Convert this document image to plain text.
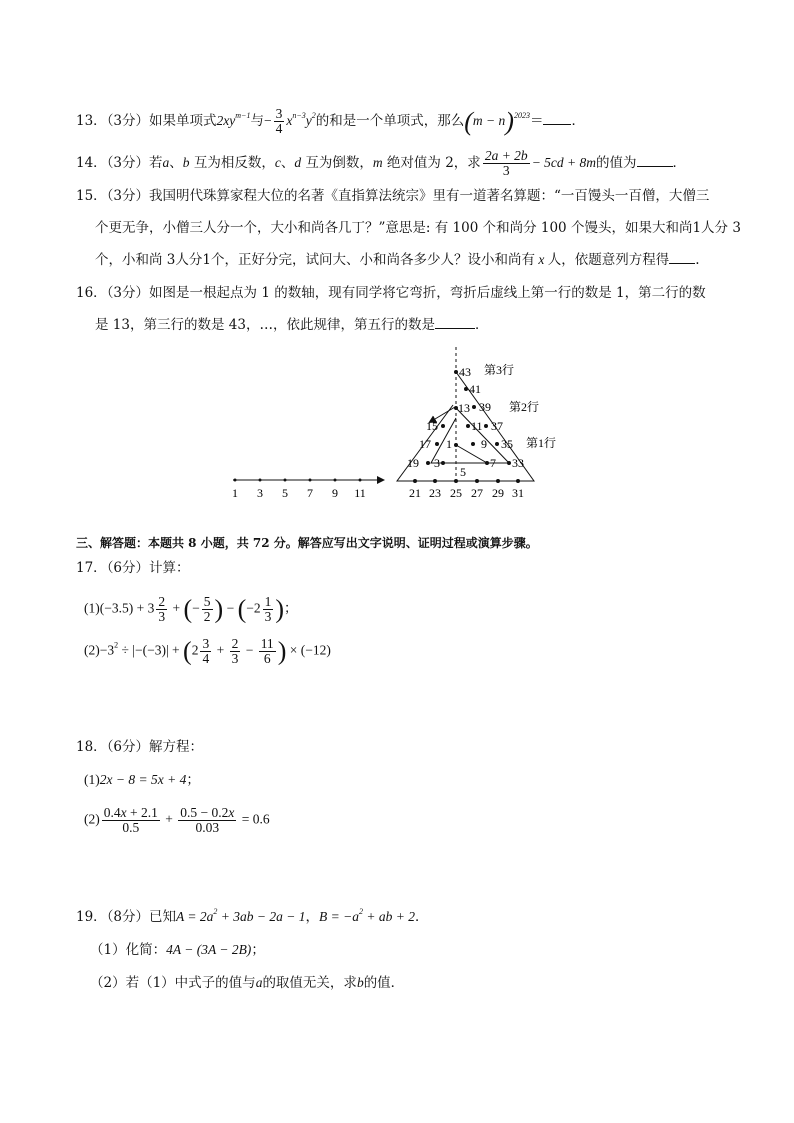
13．（3分）如果单项式$2xy^{m-1}$与− $\frac{3}{4} x^{n-3}y^2$的和是一个单项式，那么$(m - n)^{2023}=$ ．
14．（3分）若a、b 互为相反数，c、d 互为倒数，m 绝对值为 2，求 $\frac{2a + 2b}{3} - 5cd + 8m$的值为	．
15．（3分）我国明代珠算家程大位的名著《直指算法统宗》里有一道著名算题：“一百馒头一百僧，大僧三
个更无争，小僧三人分一个，大小和尚各几丁？”意思是: 有 100 个和尚分 100 个馒头，如果大和尚1人分 3
个，小和尚 3人分1个，正好分完，试问大、小和尚各多少人？设小和尚有 x 人，依题意列方程得 .
16．（3分）如图是一根起点为 1 的数轴，现有同学将它弯折，弯折后虚线上第一行的数是 1，第二行的数
是 13，第三行的数是 43，…，依此规律，第五行的数是	．
1 3 5 7 9 11
43
41
13 39
15	11 37
17 1 9 35
19 3	7 33
5
21 23 25 27 29 31
第3行
第2行
第1行
三、解答题：本题共 8 小题，共 72 分。解答应写出文字说明、证明过程或演算步骤。
17．（6分）计算：
$(1)(-3.5) + 3 \frac{2}{3}$ + (− $\frac{5}{2}$ ) − ($-2 \frac{1}{3}$ )；
$(2)-3^2 \div |-(-3)| + (2 \frac{3}{4} + \frac{2}{3} - \frac{11}{6}$ ) × (−12)
18．（6分）解方程：
(1)2x − 8 = 5x + 4；
$(2) \frac{0.4x + 2.1}{0.5} + \frac{0.5 - 0.2x}{0.03} = 0.6$
19．（8分）已知$A = 2a^2 + 3ab - 2a - 1$，$B = -a^2$ + ab + 2．
（1）化简：4A − (3A − 2B)；
（2）若（1）中式子的值与a的取值无关，求b的值．
